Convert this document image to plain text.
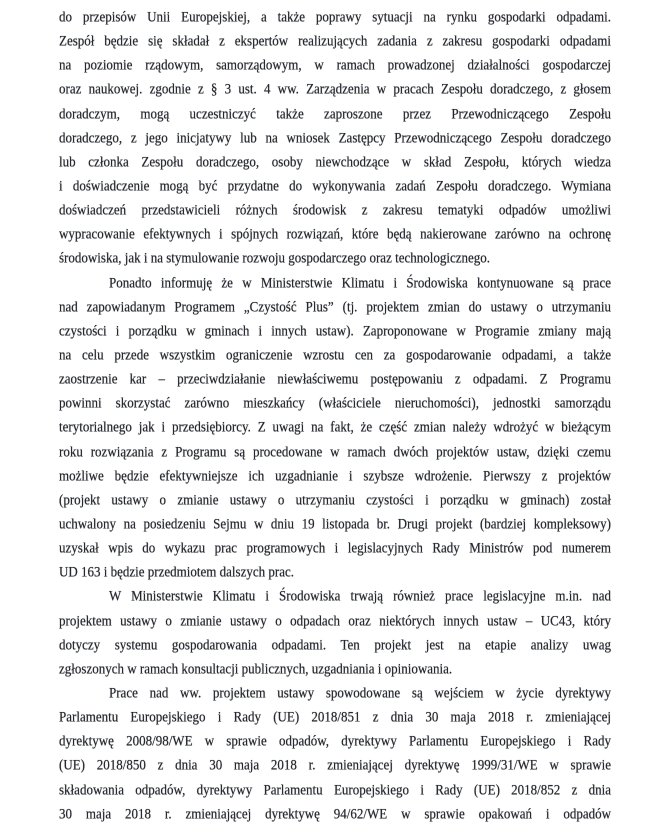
do przepisów Unii Europejskiej, a także poprawy sytuacji na rynku gospodarki odpadami.
Zespół będzie się składał z ekspertów realizujących zadania z zakresu gospodarki odpadami
na poziomie rządowym, samorządowym, w ramach prowadzonej działalności gospodarczej
oraz naukowej. zgodnie z § 3 ust. 4 ww. Zarządzenia w pracach Zespołu doradczego, z głosem
doradczym, mogą uczestniczyć także zaproszone przez Przewodniczącego Zespołu
doradczego, z jego inicjatywy lub na wniosek Zastępcy Przewodniczącego Zespołu doradczego
lub członka Zespołu doradczego, osoby niewchodzące w skład Zespołu, których wiedza
i doświadczenie mogą być przydatne do wykonywania zadań Zespołu doradczego. Wymiana
doświadczeń przedstawicieli różnych środowisk z zakresu tematyki odpadów umożliwi
wypracowanie efektywnych i spójnych rozwiązań, które będą nakierowane zarówno na ochronę
środowiska, jak i na stymulowanie rozwoju gospodarczego oraz technologicznego.
Ponadto informuję że w Ministerstwie Klimatu i Środowiska kontynuowane są prace
nad zapowiadanym Programem „Czystość Plus” (tj. projektem zmian do ustawy o utrzymaniu
czystości i porządku w gminach i innych ustaw). Zaproponowane w Programie zmiany mają
na celu przede wszystkim ograniczenie wzrostu cen za gospodarowanie odpadami, a także
zaostrzenie kar – przeciwdziałanie niewłaściwemu postępowaniu z odpadami. Z Programu
powinni skorzystać zarówno mieszkańcy (właściciele nieruchomości), jednostki samorządu
terytorialnego jak i przedsiębiorcy. Z uwagi na fakt, że część zmian należy wdrożyć w bieżącym
roku rozwiązania z Programu są procedowane w ramach dwóch projektów ustaw, dzięki czemu
możliwe będzie efektywniejsze ich uzgadnianie i szybsze wdrożenie. Pierwszy z projektów
(projekt ustawy o zmianie ustawy o utrzymaniu czystości i porządku w gminach) został
uchwalony na posiedzeniu Sejmu w dniu 19 listopada br. Drugi projekt (bardziej kompleksowy)
uzyskał wpis do wykazu prac programowych i legislacyjnych Rady Ministrów pod numerem
UD 163 i będzie przedmiotem dalszych prac.
W Ministerstwie Klimatu i Środowiska trwają również prace legislacyjne m.in. nad
projektem ustawy o zmianie ustawy o odpadach oraz niektórych innych ustaw – UC43, który
dotyczy systemu gospodarowania odpadami. Ten projekt jest na etapie analizy uwag
zgłoszonych w ramach konsultacji publicznych, uzgadniania i opiniowania.
Prace nad ww. projektem ustawy spowodowane są wejściem w życie dyrektywy
Parlamentu Europejskiego i Rady (UE) 2018/851 z dnia 30 maja 2018 r. zmieniającej
dyrektywę 2008/98/WE w sprawie odpadów, dyrektywy Parlamentu Europejskiego i Rady
(UE) 2018/850 z dnia 30 maja 2018 r. zmieniającej dyrektywę 1999/31/WE w sprawie
składowania odpadów, dyrektywy Parlamentu Europejskiego i Rady (UE) 2018/852 z dnia
30 maja 2018 r. zmieniającej dyrektywę 94/62/WE w sprawie opakowań i odpadów
